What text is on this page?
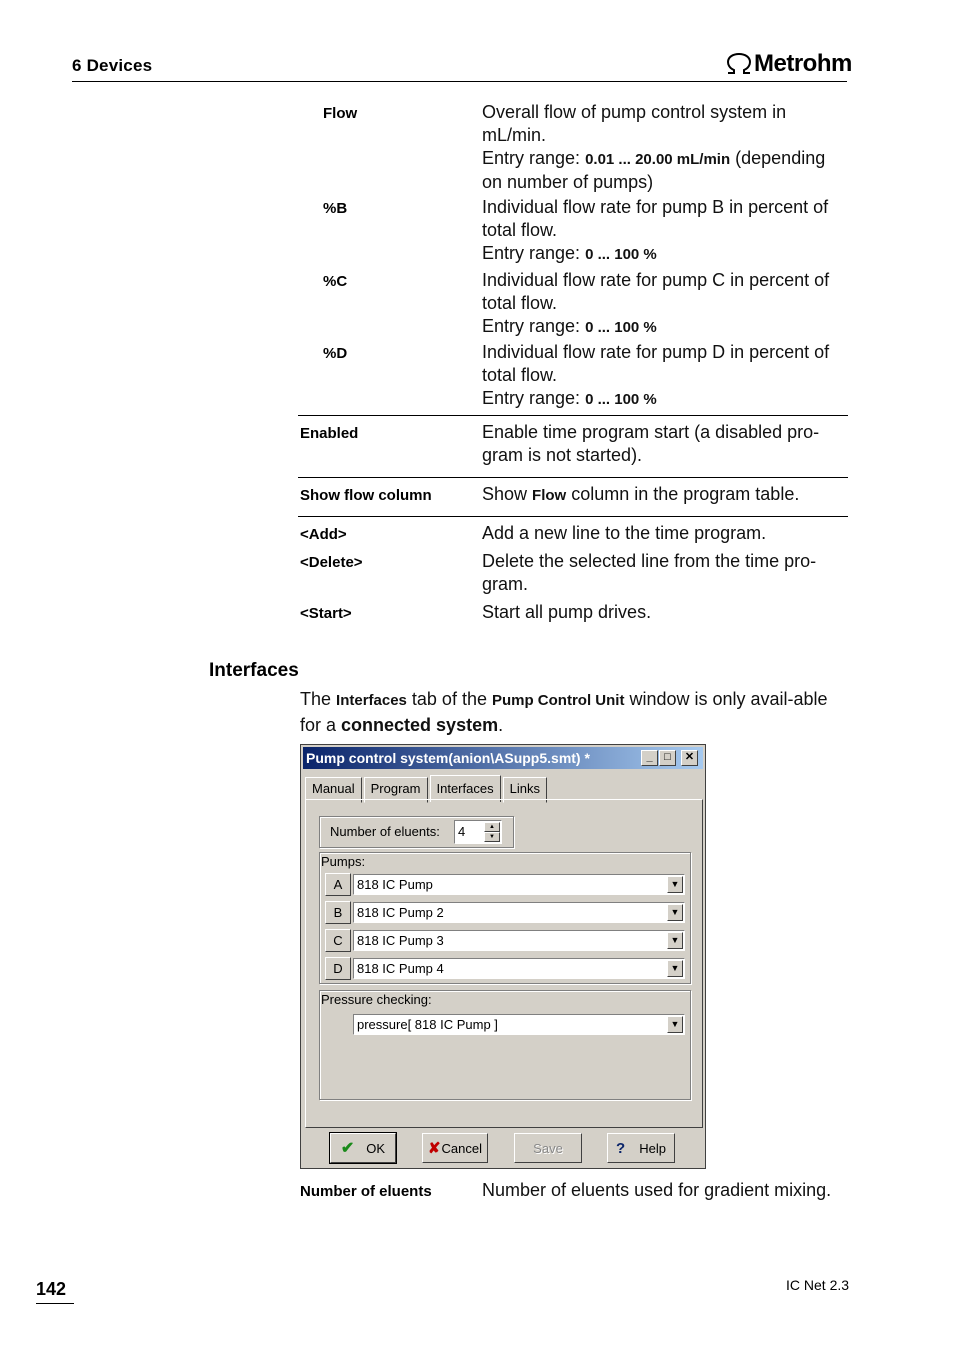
6 Devices	Metrohm
Flow	Overall flow of pump control system in mL/min.
Entry range: 0.01 ... 20.00 mL/min (depending on number of pumps)
%B	Individual flow rate for pump B in percent of total flow.
Entry range: 0 ... 100 %
%C	Individual flow rate for pump C in percent of total flow.
Entry range: 0 ... 100 %
%D	Individual flow rate for pump D in percent of total flow.
Entry range: 0 ... 100 %
Enabled	Enable time program start (a disabled pro-gram is not started).
Show flow column	Show Flow column in the program table.
<Add>	Add a new line to the time program.
<Delete>	Delete the selected line from the time pro-gram.
<Start>	Start all pump drives.
Interfaces
The Interfaces tab of the Pump Control Unit window is only avail-able for a connected system.
Pump control system(anion\ASupp5.smt) *	_	□	✕
Manual	Program	Interfaces	Links
Number of eluents:	4	▲
▼
Pumps:
A	818 IC Pump	▼
B	818 IC Pump 2	▼
C	818 IC Pump 3	▼
D	818 IC Pump 4	▼
Pressure checking:
pressure[ 818 IC Pump ]	▼
✔ OK	✘ Cancel	Save	? Help
Number of eluents	Number of eluents used for gradient mixing.
142	IC Net 2.3
